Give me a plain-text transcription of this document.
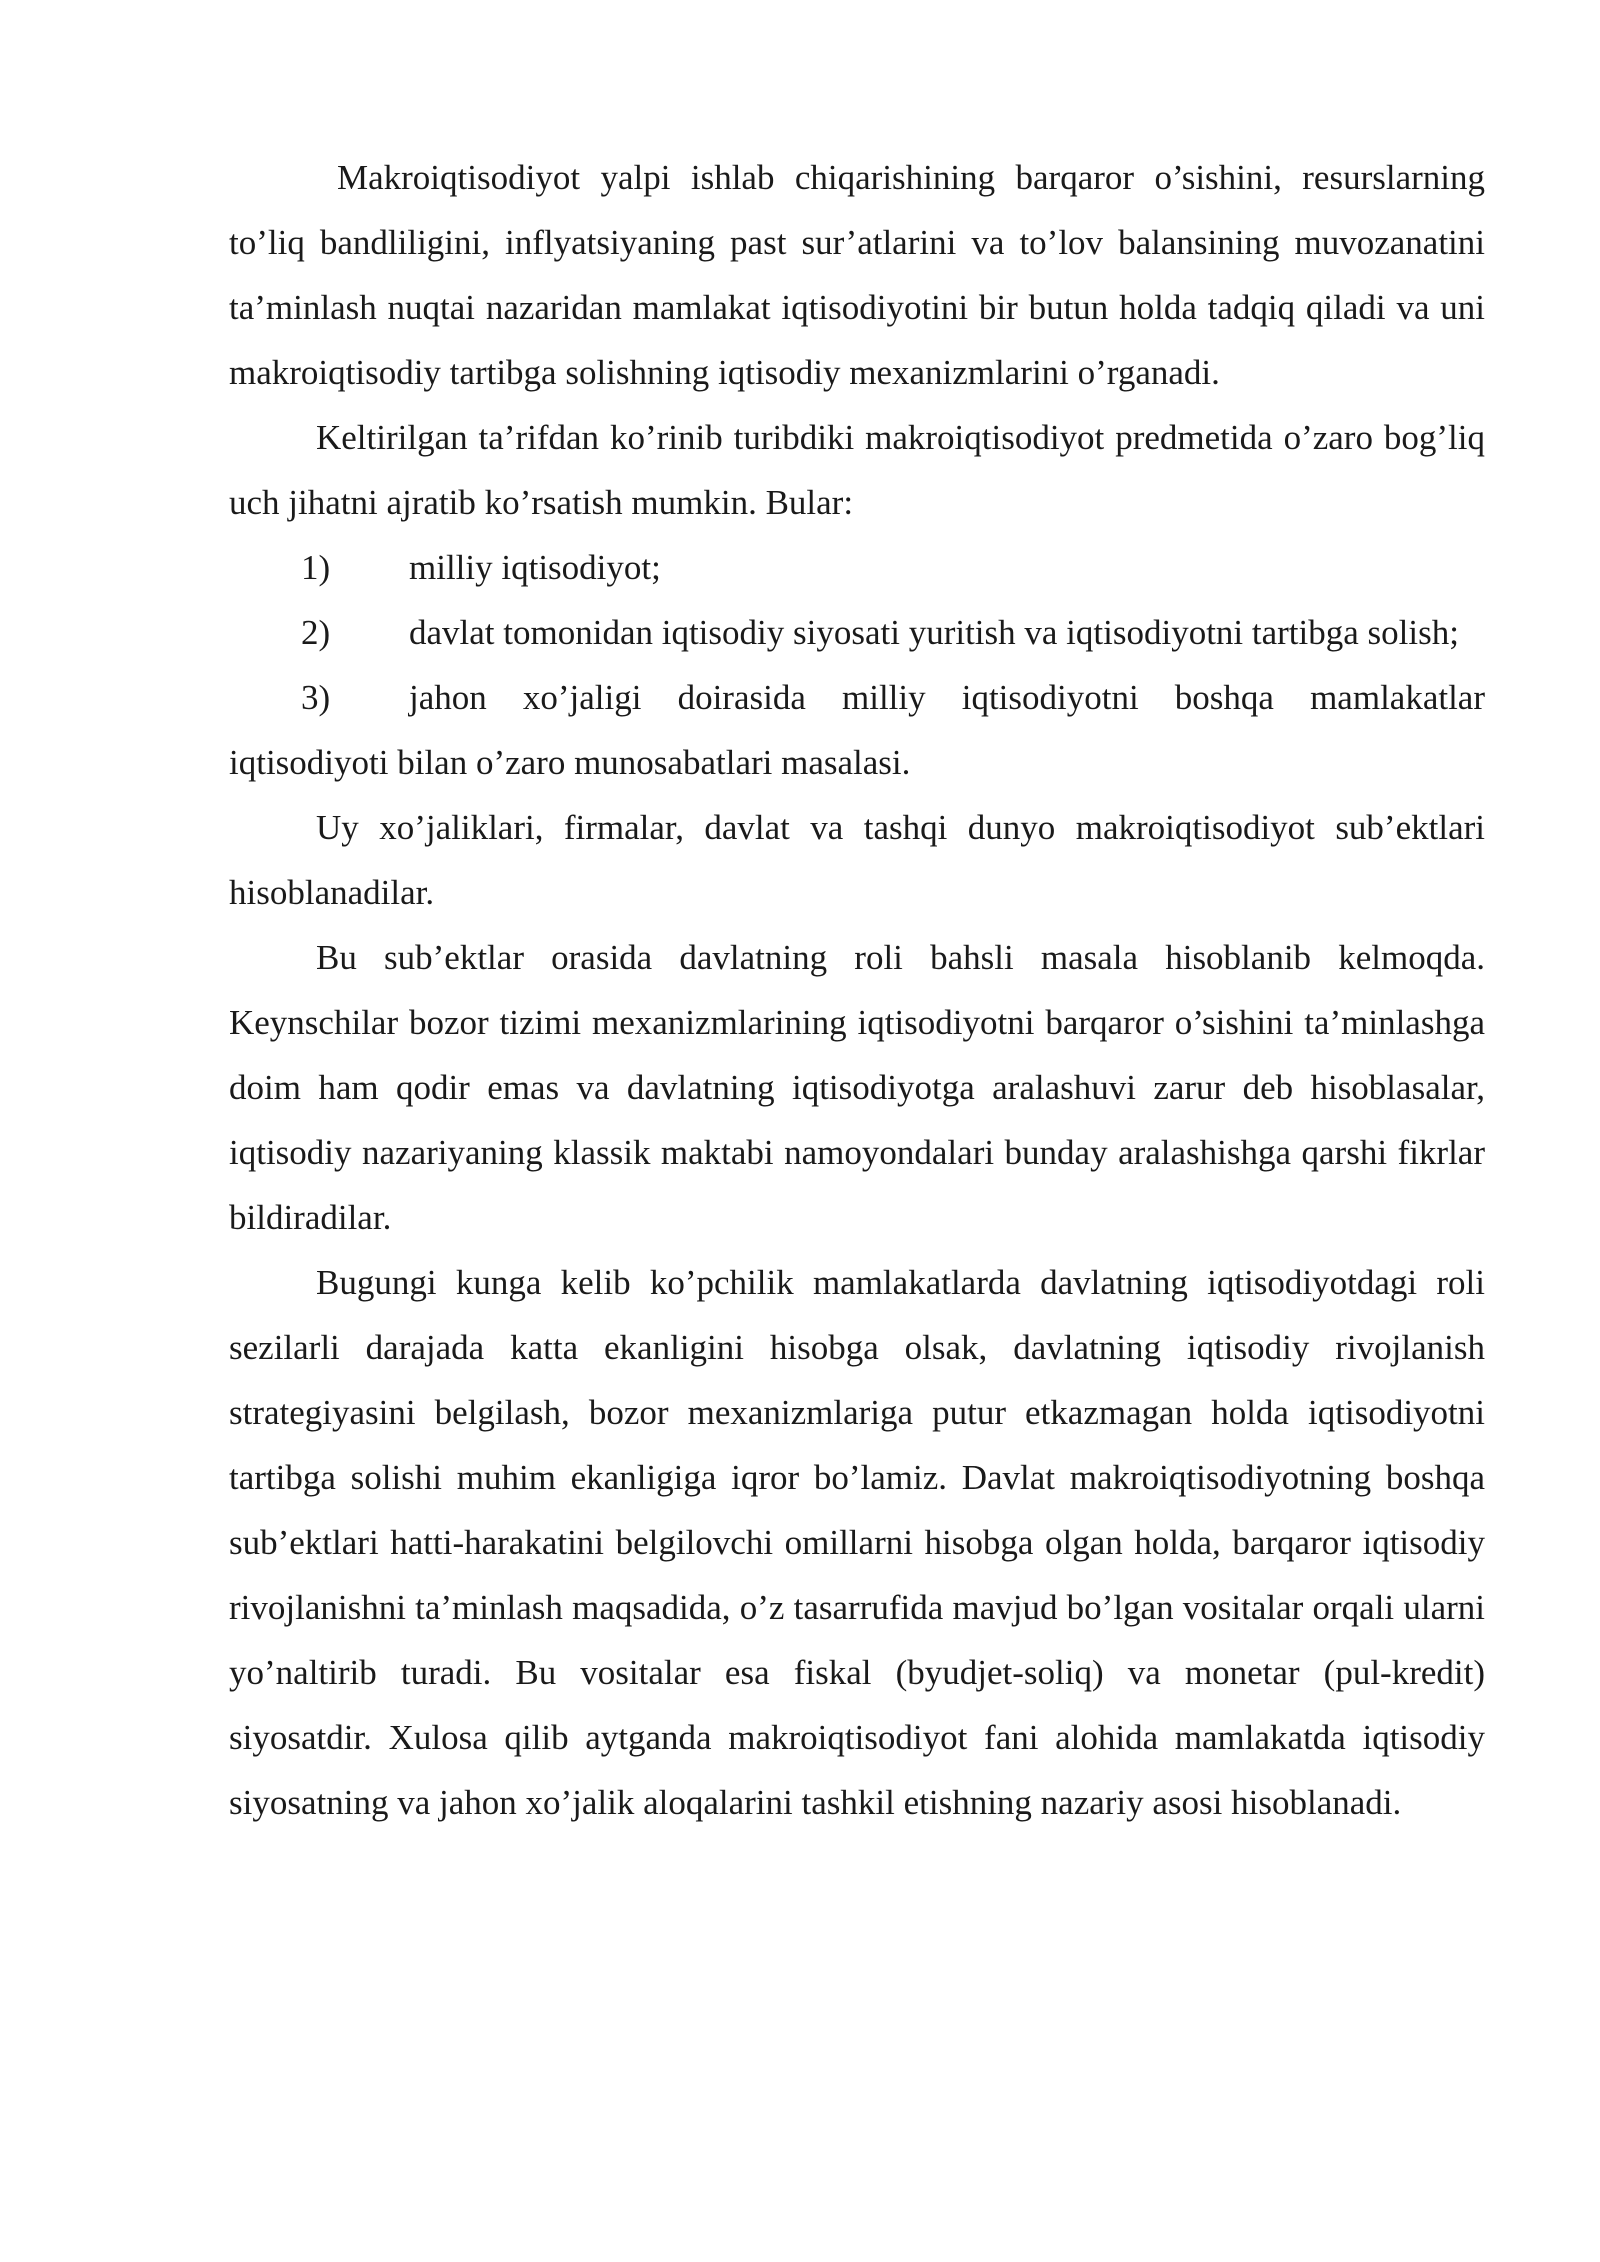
Makroiqtisodiyot yalpi ishlab chiqarishining barqaror o’sishini, resurslarning to’liq bandliligini, inflyatsiyaning past sur’atlarini va to’lov balansining muvozanatini ta’minlash nuqtai nazaridan mamlakat iqtisodiyotini bir butun holda tadqiq qiladi va uni makroiqtisodiy tartibga solishning iqtisodiy mexanizmlarini o’rganadi.

Keltirilgan ta’rifdan ko’rinib turibdiki makroiqtisodiyot predmetida o’zaro bog’liq uch jihatni ajratib ko’rsatish mumkin. Bular:

1) milliy iqtisodiyot;

2) davlat tomonidan iqtisodiy siyosati yuritish va iqtisodiyotni tartibga solish;

3) jahon xo’jaligi doirasida milliy iqtisodiyotni boshqa mamlakatlar iqtisodiyoti bilan o’zaro munosabatlari masalasi.

Uy xo’jaliklari, firmalar, davlat va tashqi dunyo makroiqtisodiyot sub’ektlari hisoblanadilar.

Bu sub’ektlar orasida davlatning roli bahsli masala hisoblanib kelmoqda. Keynschilar bozor tizimi mexanizmlarining iqtisodiyotni barqaror o’sishini ta’minlashga doim ham qodir emas va davlatning iqtisodiyotga aralashuvi zarur deb hisoblasalar, iqtisodiy nazariyaning klassik maktabi namoyondalari bunday aralashishga qarshi fikrlar bildiradilar.

Bugungi kunga kelib ko’pchilik mamlakatlarda davlatning iqtisodiyotdagi roli sezilarli darajada katta ekanligini hisobga olsak, davlatning iqtisodiy rivojlanish strategiyasini belgilash, bozor mexanizmlariga putur etkazmagan holda iqtisodiyotni tartibga solishi muhim ekanligiga iqror bo’lamiz. Davlat makroiqtisodiyotning boshqa sub’ektlari hatti-harakatini belgilovchi omillarni hisobga olgan holda, barqaror iqtisodiy rivojlanishni ta’minlash maqsadida, o’z tasarrufida mavjud bo’lgan vositalar orqali ularni yo’naltirib turadi. Bu vositalar esa fiskal (byudjet-soliq) va monetar (pul-kredit) siyosatdir. Xulosa qilib aytganda makroiqtisodiyot fani alohida mamlakatda iqtisodiy siyosatning va jahon xo’jalik aloqalarini tashkil etishning nazariy asosi hisoblanadi.
